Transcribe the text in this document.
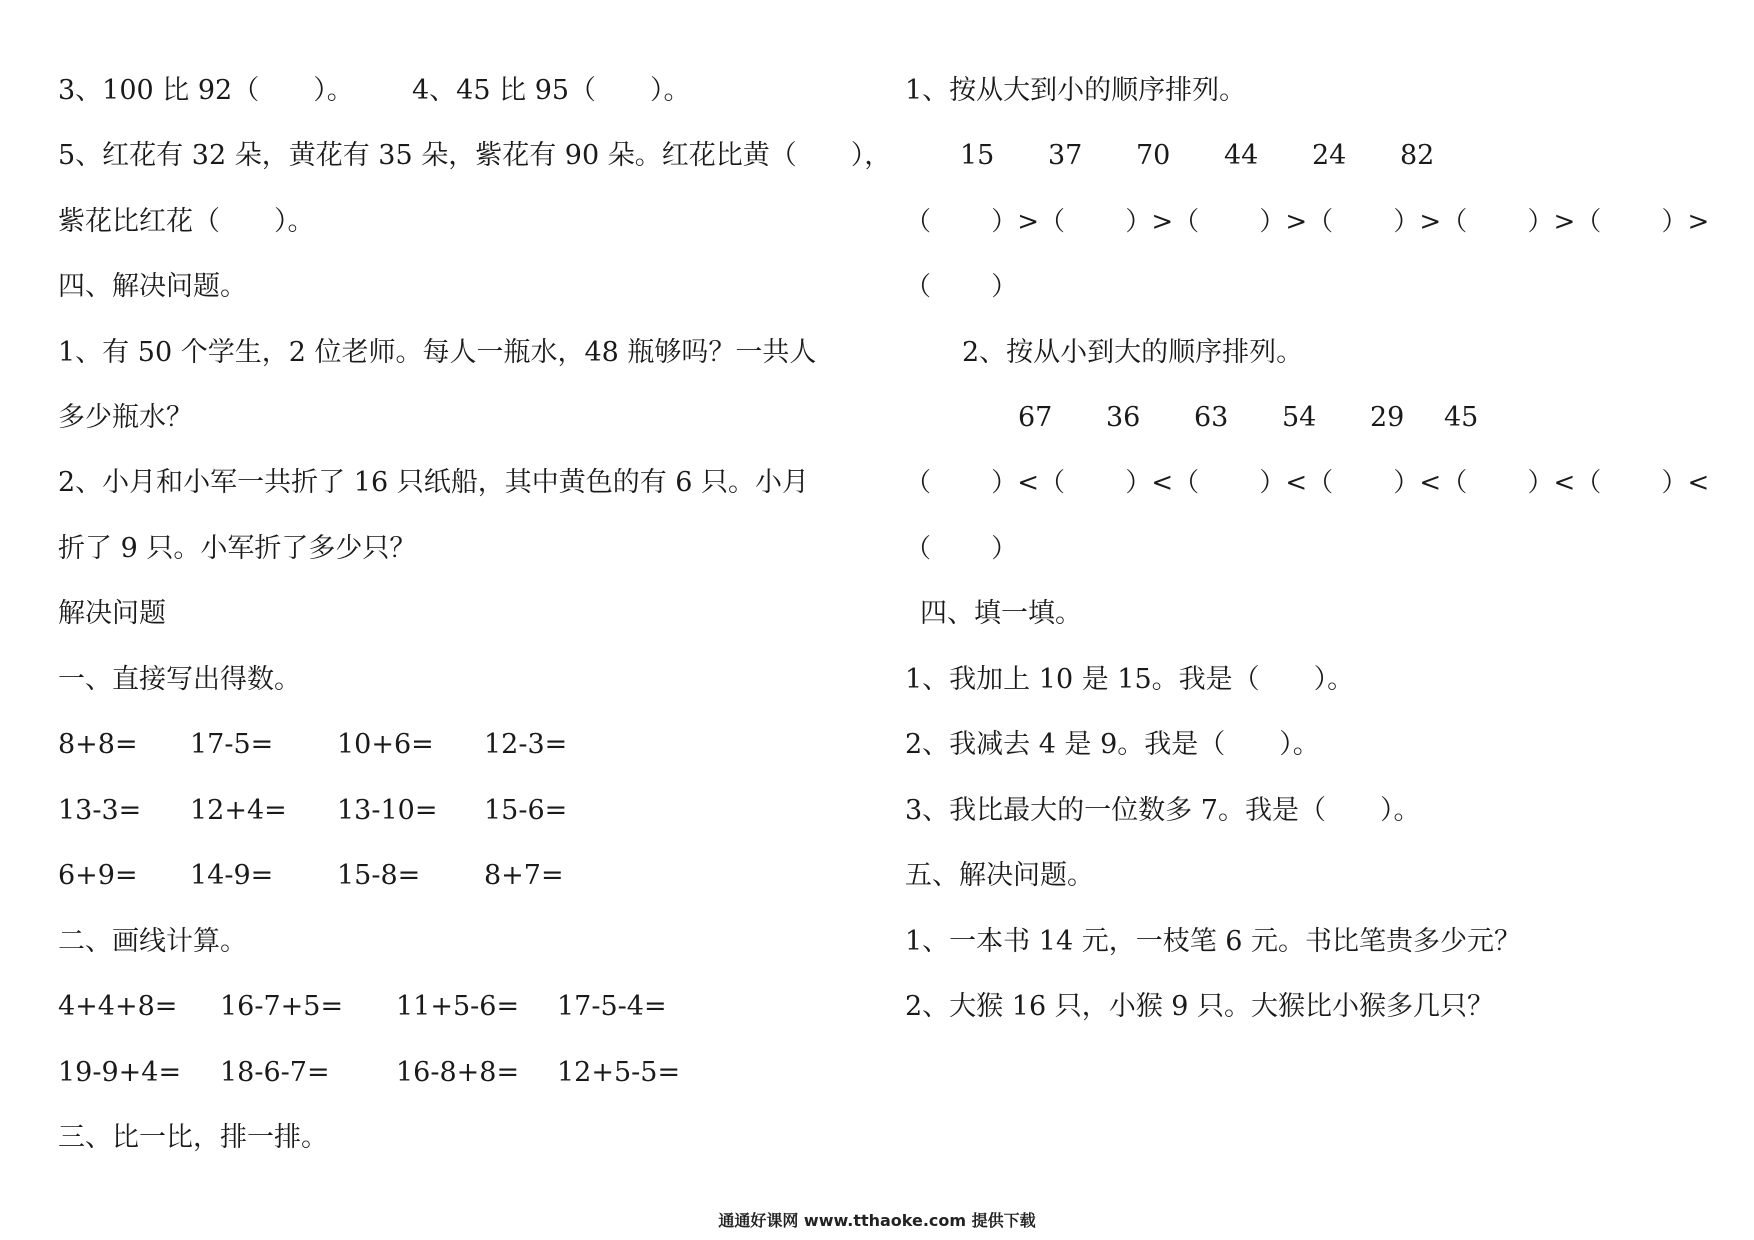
3、100 比 92（　　）。 4、45 比 95（　　）。
5、红花有 32 朵，黄花有 35 朵，紫花有 90 朵。红花比黄（　　），
紫花比红花（　　）。
四、解决问题。
1、有 50 个学生，2 位老师。每人一瓶水，48 瓶够吗？一共人
多少瓶水？
2、小月和小军一共折了 16 只纸船，其中黄色的有 6 只。小月
折了 9 只。小军折了多少只？
解决问题
一、直接写出得数。
8+8= 17-5= 10+6= 12-3=
13-3= 12+4= 13-10= 15-6=
6+9= 14-9= 15-8= 8+7=
二、画线计算。
4+4+8= 16-7+5= 11+5-6= 17-5-4=
19-9+4= 18-6-7= 16-8+8= 12+5-5=
三、比一比，排一排。
1、按从大到小的顺序排列。
15 37 70 44 24 82
（　　 ）>（　　 ）>（　　 ）>（　　 ）>（　　 ）>（　　 ）>
（　　 ）
2、按从小到大的顺序排列。
67 36 63 54 29 45
（　　 ）<（　　 ）<（　　 ）<（　　 ）<（　　 ）<（　　 ）<
（　　 ）
四、填一填。
1、我加上 10 是 15。我是（　　）。
2、我减去 4 是 9。我是（　　）。
3、我比最大的一位数多 7。我是（　　）。
五、解决问题。
1、一本书 14 元，一枝笔 6 元。书比笔贵多少元？
2、大猴 16 只，小猴 9 只。大猴比小猴多几只？
通通好课网 www.tthaoke.com 提供下载
